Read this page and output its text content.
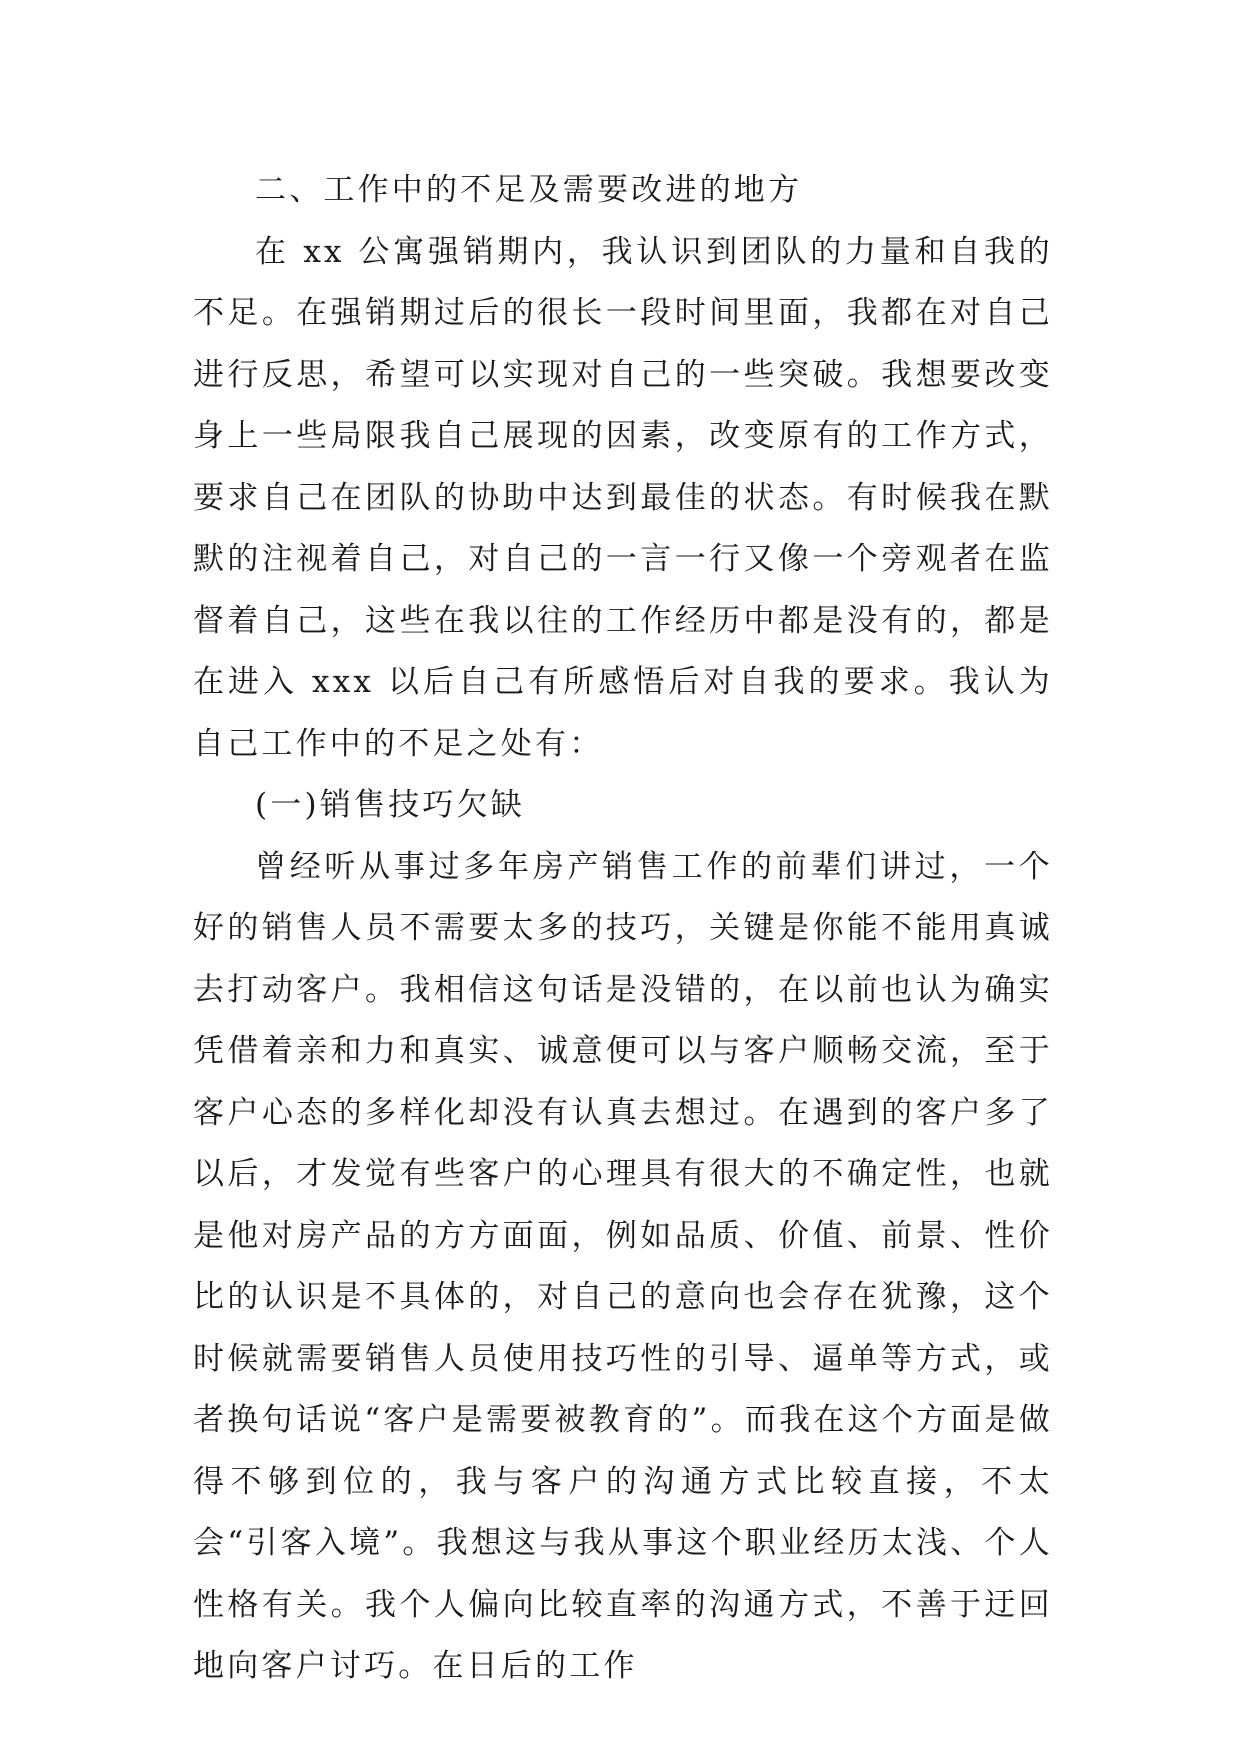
二、工作中的不足及需要改进的地方

在 xx 公寓强销期内，我认识到团队的力量和自我的不足。在强销期过后的很长一段时间里面，我都在对自己进行反思，希望可以实现对自己的一些突破。我想要改变身上一些局限我自己展现的因素，改变原有的工作方式，要求自己在团队的协助中达到最佳的状态。有时候我在默默的注视着自己，对自己的一言一行又像一个旁观者在监督着自己，这些在我以往的工作经历中都是没有的，都是在进入 xxx 以后自己有所感悟后对自我的要求。我认为自己工作中的不足之处有：

(一)销售技巧欠缺

曾经听从事过多年房产销售工作的前辈们讲过，一个好的销售人员不需要太多的技巧，关键是你能不能用真诚去打动客户。我相信这句话是没错的，在以前也认为确实凭借着亲和力和真实、诚意便可以与客户顺畅交流，至于客户心态的多样化却没有认真去想过。在遇到的客户多了以后，才发觉有些客户的心理具有很大的不确定性，也就是他对房产品的方方面面，例如品质、价值、前景、性价比的认识是不具体的，对自己的意向也会存在犹豫，这个时候就需要销售人员使用技巧性的引导、逼单等方式，或者换句话说“客户是需要被教育的”。而我在这个方面是做得不够到位的，我与客户的沟通方式比较直接，不太会“引客入境”。我想这与我从事这个职业经历太浅、个人性格有关。我个人偏向比较直率的沟通方式，不善于迂回地向客户讨巧。在日后的工作
